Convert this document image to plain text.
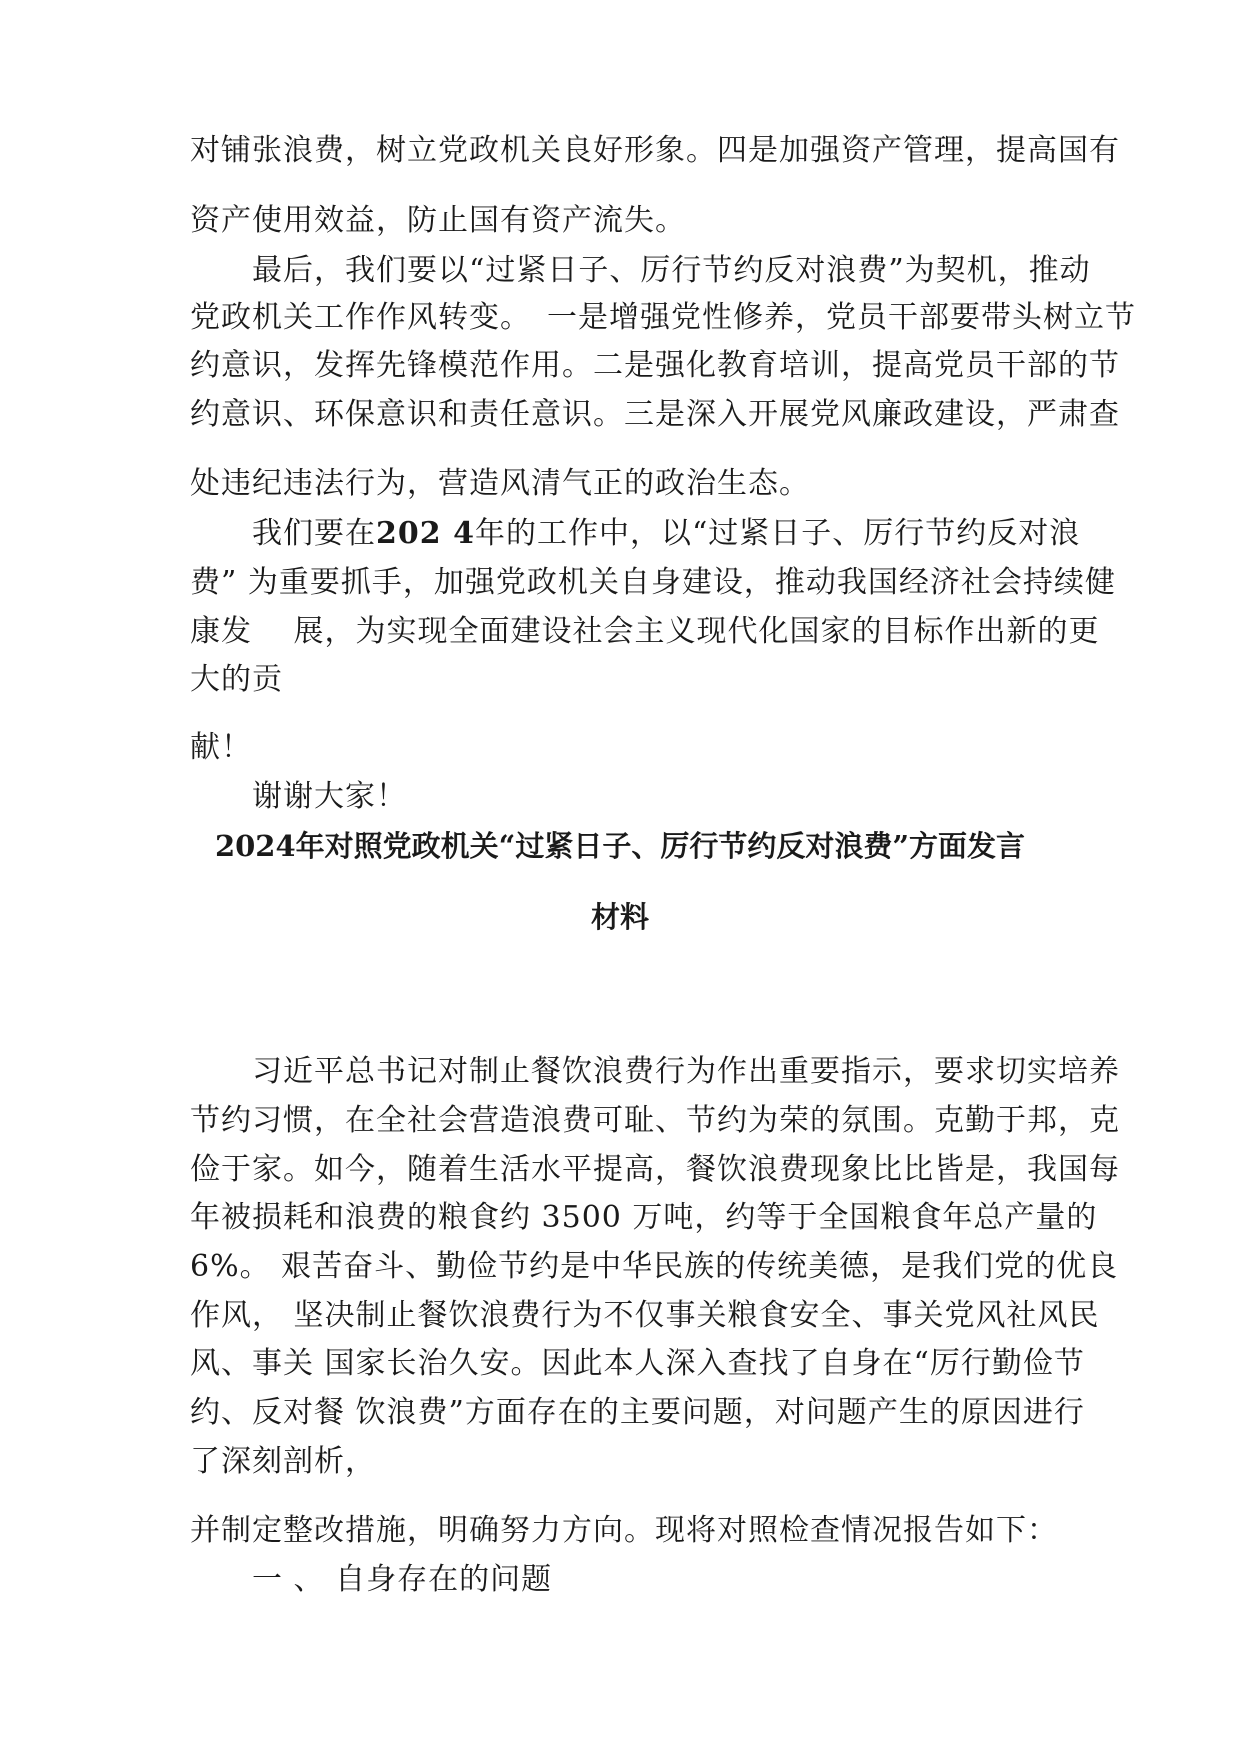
对铺张浪费，树立党政机关良好形象。四是加强资产管理，提高国有
资产使用效益，防止国有资产流失。
　　最后，我们要以“过紧日子、厉行节约反对浪费”为契机，推动
党政机关工作作风转变。　一是增强党性修养，党员干部要带头树立节
约意识，发挥先锋模范作用。二是强化教育培训，提高党员干部的节
约意识、环保意识和责任意识。三是深入开展党风廉政建设，严肃查
处违纪违法行为，营造风清气正的政治生态。
　　我们要在202 4年的工作中，以“过紧日子、厉行节约反对浪
费” 为重要抓手，加强党政机关自身建设，推动我国经济社会持续健
康发　 展，为实现全面建设社会主义现代化国家的目标作出新的更
大的贡
献！
　　谢谢大家！
2024年对照党政机关“过紧日子、厉行节约反对浪费”方面发言
材料
　　习近平总书记对制止餐饮浪费行为作出重要指示，要求切实培养
节约习惯，在全社会营造浪费可耻、节约为荣的氛围。克勤于邦，克
俭于家。如今，随着生活水平提高，餐饮浪费现象比比皆是，我国每
年被损耗和浪费的粮食约 3500 万吨，约等于全国粮食年总产量的
6%。 艰苦奋斗、勤俭节约是中华民族的传统美德，是我们党的优良
作风， 坚决制止餐饮浪费行为不仅事关粮食安全、事关党风社风民
风、事关 国家长治久安。因此本人深入查找了自身在“厉行勤俭节
约、反对餐 饮浪费”方面存在的主要问题，对问题产生的原因进行
了深刻剖析，
并制定整改措施，明确努力方向。现将对照检查情况报告如下：
　　一 、 自身存在的问题
